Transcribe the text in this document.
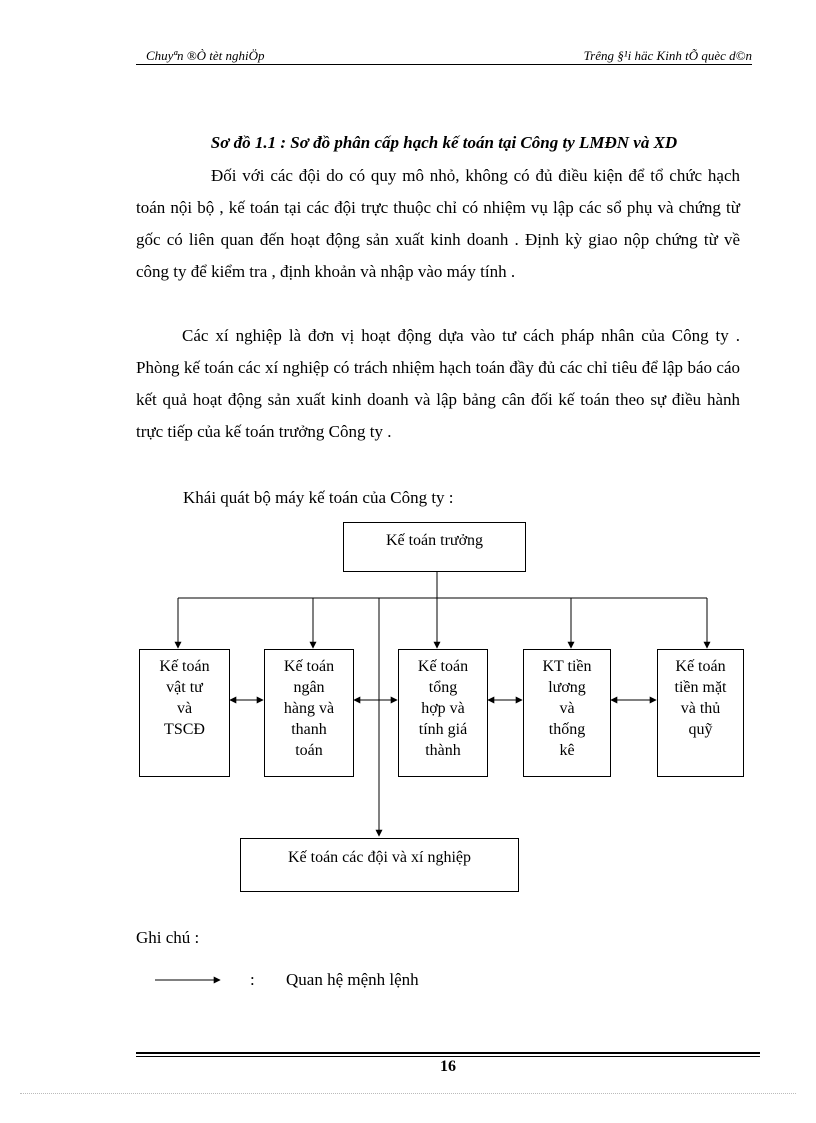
Chuyªn ®Ò tèt nghiÖp	Trêng §¹i häc Kinh tÕ quèc d©n
Sơ đồ 1.1 : Sơ đồ phân cấp hạch kế toán tại Công ty LMĐN và XD

Đối với các đội do có quy mô nhỏ, không có đủ điều kiện để tổ chức hạch toán nội bộ , kế toán tại các đội trực thuộc chỉ có nhiệm vụ lập các sổ phụ và chứng từ gốc có liên quan đến hoạt động sản xuất kinh doanh . Định kỳ giao nộp chứng từ về công ty để kiểm tra , định khoản và nhập vào máy tính .

Các xí nghiệp là đơn vị hoạt động dựa vào tư cách pháp nhân của Công ty . Phòng kế toán các xí nghiệp có trách nhiệm hạch toán đầy đủ các chỉ tiêu để lập báo cáo kết quả hoạt động sản xuất kinh doanh và lập bảng cân đối kế toán theo sự điều hành trực tiếp của kế toán trưởng Công ty .

Khái quát bộ máy kế toán của Công ty :
Kế toán trưởng
Kế toán
vật tư
và
TSCĐ
Kế toán
ngân
hàng và
thanh
toán
Kế toán
tổng
hợp và
tính giá
thành
KT tiền
lương
và
thống
kê
Kế toán
tiền mặt
và thủ
quỹ
Kế toán các đội và xí nghiệp
Ghi chú :
: Quan hệ mệnh lệnh
16
